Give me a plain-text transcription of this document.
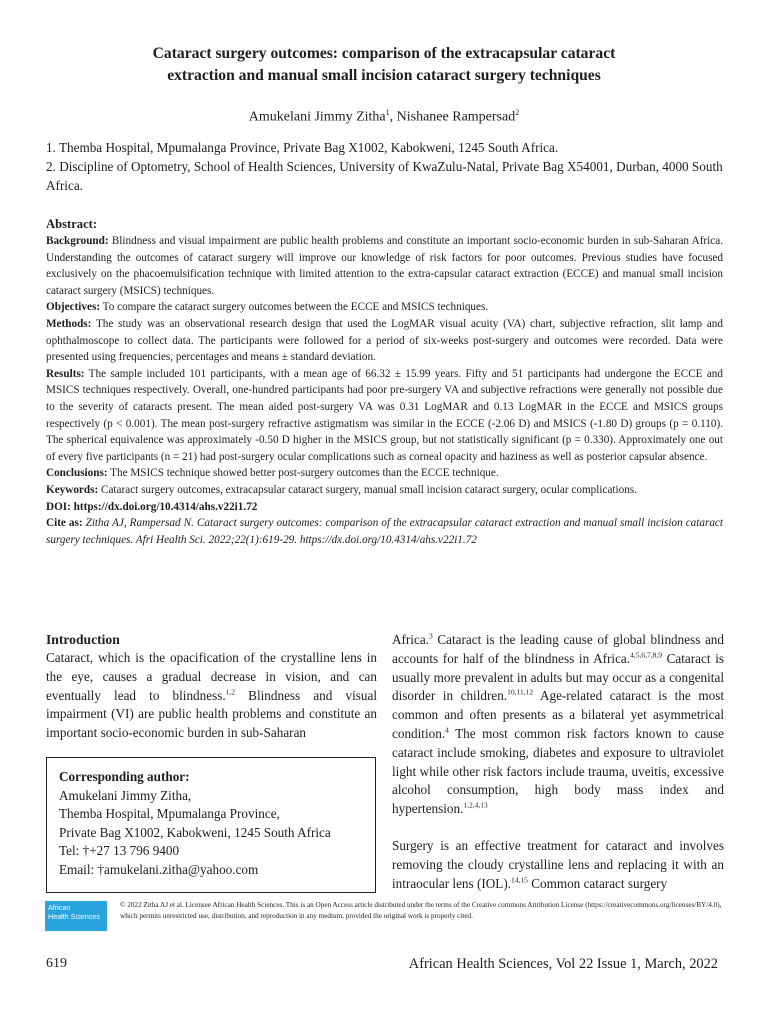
Cataract surgery outcomes: comparison of the extracapsular cataract
extraction and manual small incision cataract surgery techniques
Amukelani Jimmy Zitha$^1$, Nishanee Rampersad$^2$
1. Themba Hospital, Mpumalanga Province, Private Bag X1002, Kabokweni, 1245 South Africa.
2. Discipline of Optometry, School of Health Sciences, University of KwaZulu-Natal, Private Bag X54001, Durban, 4000 South Africa.
Abstract:

Background: Blindness and visual impairment are public health problems and constitute an important socio-economic burden in sub-Saharan Africa. Understanding the outcomes of cataract surgery will improve our knowledge of risk factors for poor outcomes. Previous studies have focused exclusively on the phacoemulsification technique with limited attention to the extra-capsular cataract extraction (ECCE) and manual small incision cataract surgery (MSICS) techniques.

Objectives: To compare the cataract surgery outcomes between the ECCE and MSICS techniques.

Methods: The study was an observational research design that used the LogMAR visual acuity (VA) chart, subjective refraction, slit lamp and ophthalmoscope to collect data. The participants were followed for a period of six-weeks post-surgery and outcomes were recorded. Data were presented using frequencies, percentages and means ± standard deviation.

Results: The sample included 101 participants, with a mean age of 66.32 ± 15.99 years. Fifty and 51 participants had undergone the ECCE and MSICS techniques respectively. Overall, one-hundred participants had poor pre-surgery VA and subjective refractions were generally not possible due to the severity of cataracts present. The mean aided post-surgery VA was 0.31 LogMAR and 0.13 LogMAR in the ECCE and MSICS groups respectively (p < 0.001). The mean post-surgery refractive astigmatism was similar in the ECCE (-2.06 D) and MSICS (-1.80 D) groups (p = 0.110). The spherical equivalence was approximately -0.50 D higher in the MSICS group, but not statistically significant (p = 0.330). Approximately one out of every five participants (n = 21) had post-surgery ocular complications such as corneal opacity and haziness as well as posterior capsular absence.

Conclusions: The MSICS technique showed better post-surgery outcomes than the ECCE technique.

Keywords: Cataract surgery outcomes, extracapsular cataract surgery, manual small incision cataract surgery, ocular complications.

DOI: https://dx.doi.org/10.4314/ahs.v22i1.72

Cite as: Zitha AJ, Rampersad N. Cataract surgery outcomes: comparison of the extracapsular cataract extraction and manual small incision cataract surgery techniques. Afri Health Sci. 2022;22(1):619-29. https://dx.doi.org/10.4314/ahs.v22i1.72

Introduction

Cataract, which is the opacification of the crystalline lens in the eye, causes a gradual decrease in vision, and can eventually lead to blindness.$^{1,2}$ Blindness and visual impairment (VI) are public health problems and constitute an important socio-economic burden in sub-Saharan

Corresponding author:
Amukelani Jimmy Zitha,
Themba Hospital, Mpumalanga Province,
Private Bag X1002, Kabokweni, 1245 South Africa
Tel: †+27 13 796 9400
Email: †amukelani.zitha@yahoo.com

Africa.$^3$ Cataract is the leading cause of global blindness and accounts for half of the blindness in Africa.$^{4,5,6,7,8,9}$ Cataract is usually more prevalent in adults but may occur as a congenital disorder in children.$^{10,11,12}$ Age-related cataract is the most common and often presents as a bilateral yet asymmetrical condition.$^4$ The most common risk factors known to cause cataract include smoking, diabetes and exposure to ultraviolet light while other risk factors include trauma, uveitis, excessive alcohol consumption, high body mass index and hypertension.$^{1,2,4,13}$

Surgery is an effective treatment for cataract and involves removing the cloudy crystalline lens and replacing it with an intraocular lens (IOL).$^{14,15}$ Common cataract surgery

African
Health Sciences
© 2022 Zitha AJ et al. Licensee African Health Sciences. This is an Open Access article distributed under the terms of the Creative commons Attribution License (https://creativecommons.org/licenses/BY/4.0), which permits unrestricted use, distribution, and reproduction in any medium, provided the original work is properly cited.
619	African Health Sciences, Vol 22 Issue 1, March, 2022
